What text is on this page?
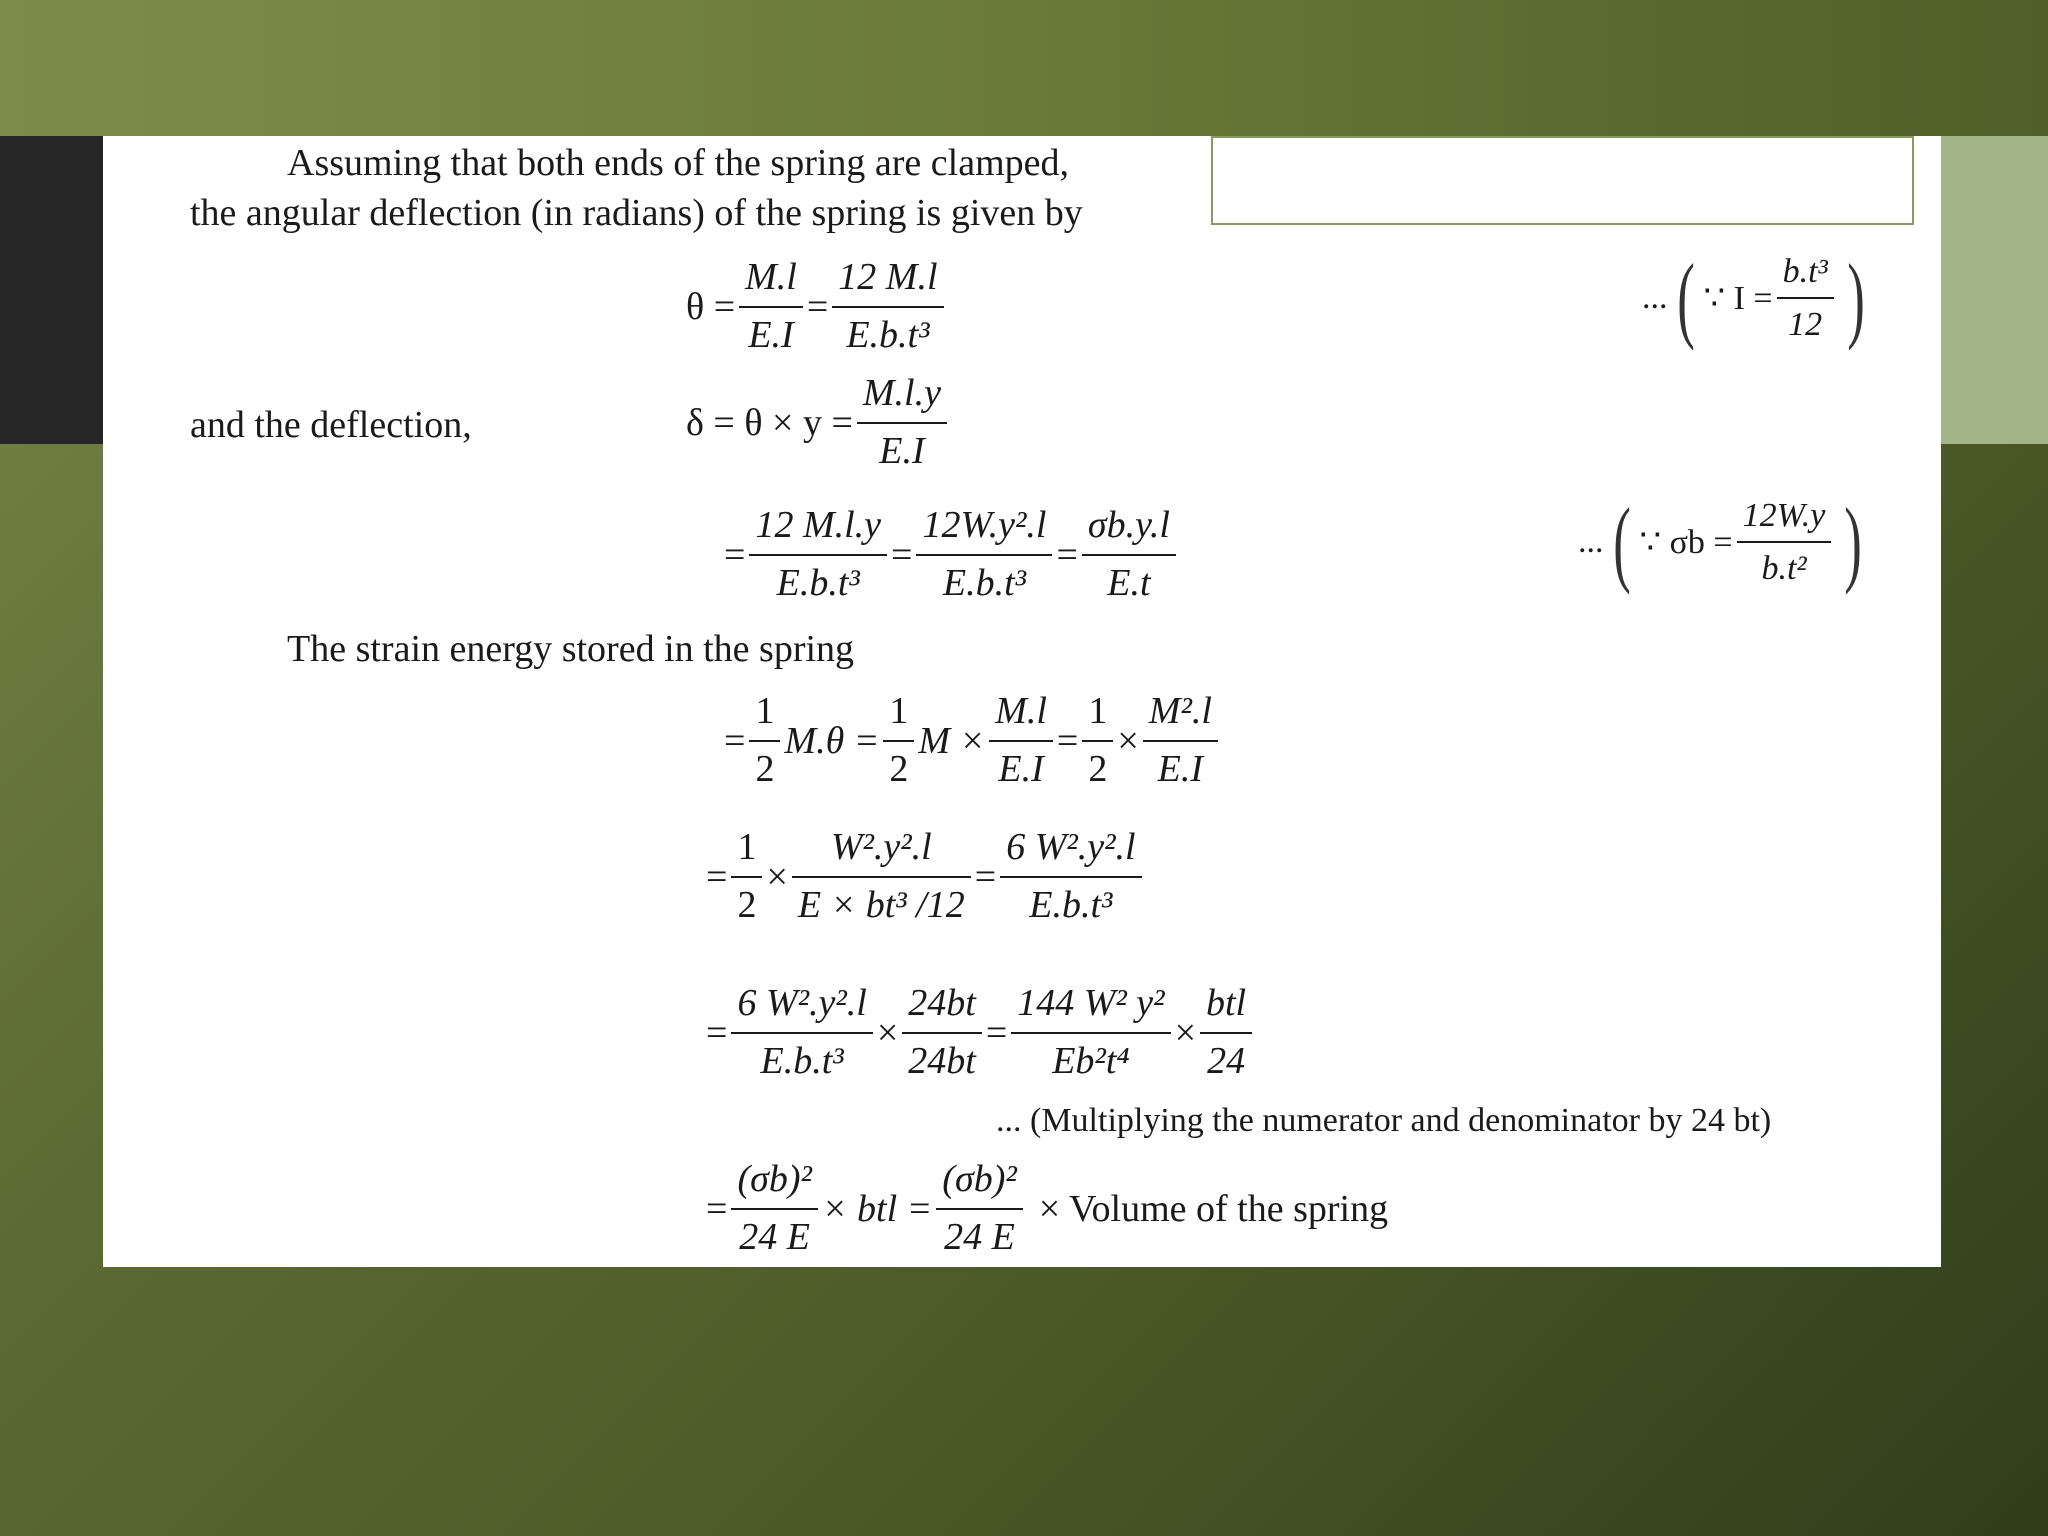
Assuming that both ends of the spring are clamped,
the angular deflection (in radians) of the spring is given by
$\theta = \frac{M.l}{E.I} = \frac{12 M.l}{\text{E.b.t³}}$	... ( ∵ $I = \frac{\text{b.t³}}{12}$ )
and the deflection,	$\delta = \theta \times y = \frac{M.l.y}{E.I}$
= $\frac{12 M.l.y}{\text{E.b.t³}} = \frac{\text{12W.y².l}}{\text{E.b.t³}} = \frac{\sigma b.y.l}{E.t}$	... ( ∵ $\sigma b = \frac{12W.y}{\text{b.t²}}$ )
The strain energy stored in the spring
= $\frac{1}{2} M.\theta = \frac{1}{2}$ $M \times \frac{M.l}{E.I} = \frac{1}{2} \times \frac{\text{M².l}}{E.I}$
= $\frac{1}{2} \times \frac{\text{W².y².l}}{\text{E × bt³ /12}} = \frac{\text{6 W².y².l}}{\text{E.b.t³}}$
= $\frac{\text{6 W².y².l}}{\text{E.b.t³}} \times \frac{24bt}{24bt} = \frac{\text{144 W² y²}}{\text{Eb²t⁴}} \times \frac{\text{btl}}{24}$
... (Multiplying the numerator and denominator by 24 bt)
= $\frac{\text{(σb)²}}{24 E}$ × btl = $\frac{\text{(σb)²}}{24 E}$ × Volume of the spring
